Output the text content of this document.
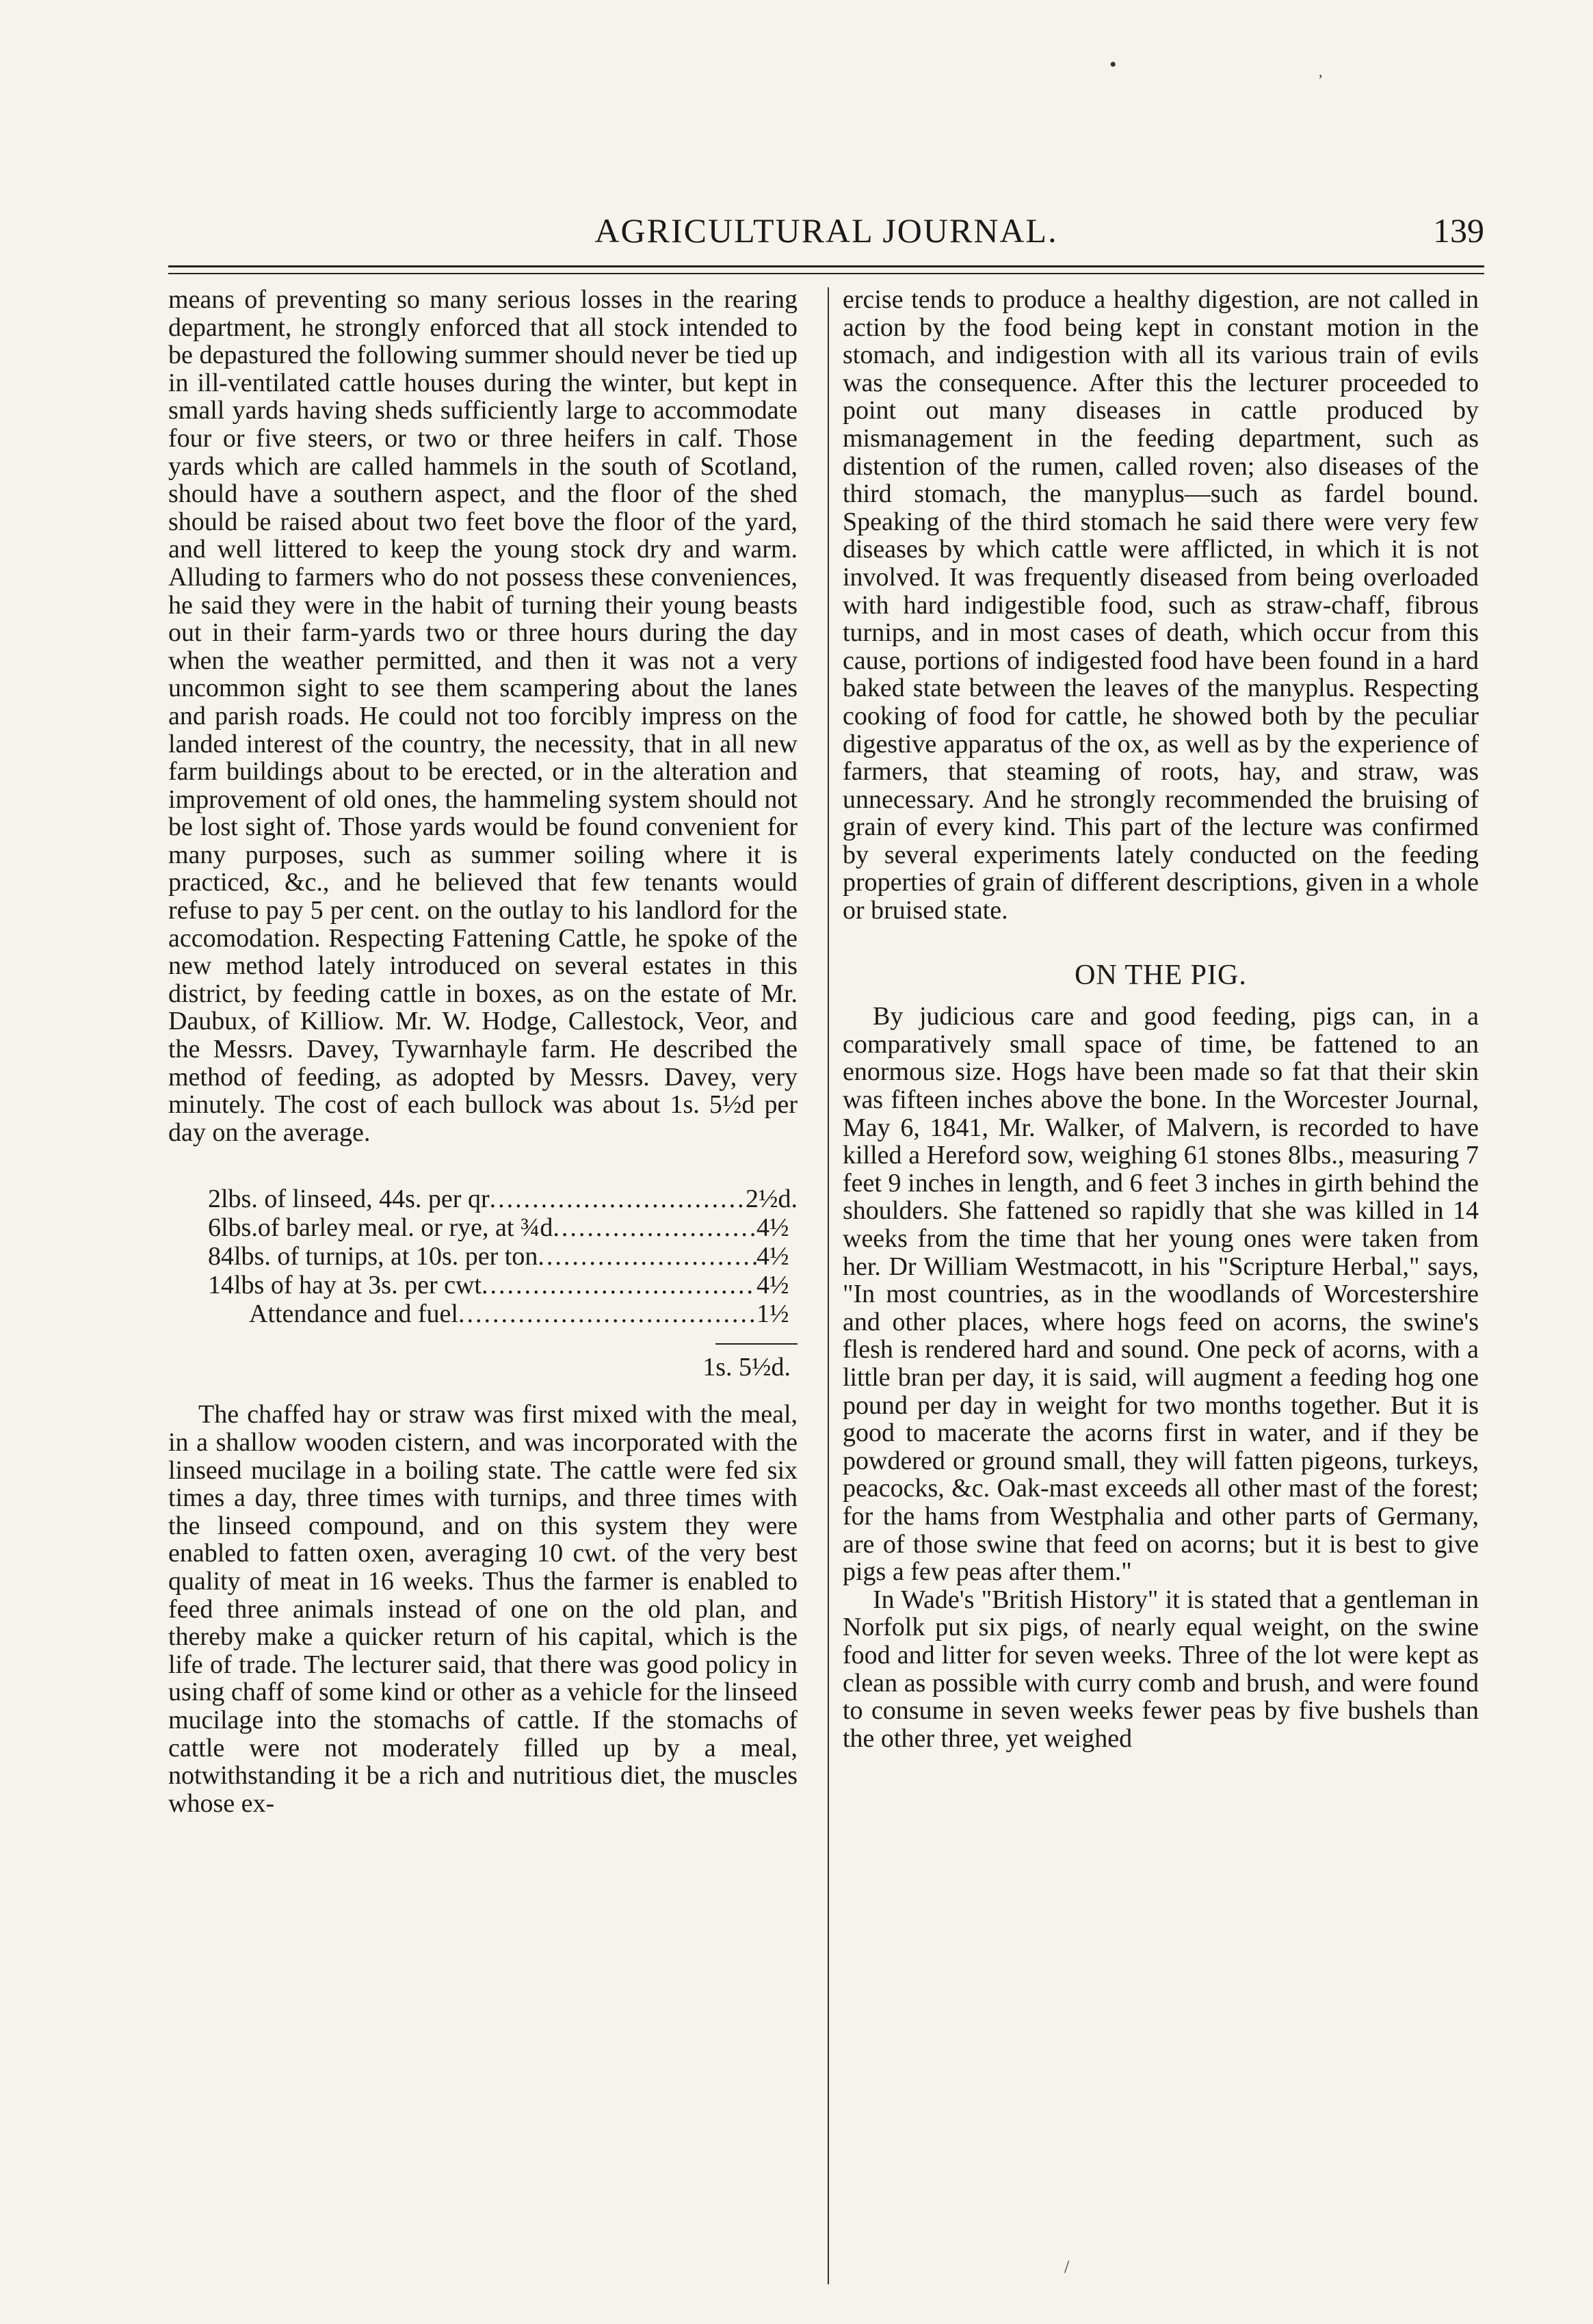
•	,
AGRICULTURAL JOURNAL.	139

means of preventing so many serious losses in the rearing department, he strongly enforced that all stock intended to be depastured the following summer should never be tied up in ill-ventilated cattle houses during the winter, but kept in small yards having sheds sufficiently large to accommodate four or five steers, or two or three heifers in calf. Those yards which are called hammels in the south of Scotland, should have a southern aspect, and the floor of the shed should be raised about two feet bove the floor of the yard, and well littered to keep the young stock dry and warm. Alluding to farmers who do not possess these conveniences, he said they were in the habit of turning their young beasts out in their farm-yards two or three hours during the day when the weather permitted, and then it was not a very uncommon sight to see them scampering about the lanes and parish roads. He could not too forcibly impress on the landed interest of the country, the necessity, that in all new farm buildings about to be erected, or in the alteration and improvement of old ones, the hammeling system should not be lost sight of. Those yards would be found convenient for many purposes, such as summer soiling where it is practiced, &c., and he believed that few tenants would refuse to pay 5 per cent. on the outlay to his landlord for the accomodation. Respecting Fattening Cattle, he spoke of the new method lately introduced on several estates in this district, by feeding cattle in boxes, as on the estate of Mr. Daubux, of Killiow. Mr. W. Hodge, Callestock, Veor, and the Messrs. Davey, Tywarnhayle farm. He described the method of feeding, as adopted by Messrs. Davey, very minutely. The cost of each bullock was about 1s. 5½d per day on the average.

2lbs. of linseed, 44s. per qr .....	2½d.
6lbs.of barley meal. or rye, at ¾d .....	4½
84lbs. of turnips, at 10s. per ton .....	4½
14lbs of hay at 3s. per cwt .....	4½
Attendance and fuel .....	1½
1s. 5½d.

The chaffed hay or straw was first mixed with the meal, in a shallow wooden cistern, and was incorporated with the linseed mucilage in a boiling state. The cattle were fed six times a day, three times with turnips, and three times with the linseed compound, and on this system they were enabled to fatten oxen, averaging 10 cwt. of the very best quality of meat in 16 weeks. Thus the farmer is enabled to feed three animals instead of one on the old plan, and thereby make a quicker return of his capital, which is the life of trade. The lecturer said, that there was good policy in using chaff of some kind or other as a vehicle for the linseed mucilage into the stomachs of cattle. If the stomachs of cattle were not moderately filled up by a meal, notwithstanding it be a rich and nutritious diet, the muscles whose ex-

ercise tends to produce a healthy digestion, are not called in action by the food being kept in constant motion in the stomach, and indigestion with all its various train of evils was the consequence. After this the lecturer proceeded to point out many diseases in cattle produced by mismanagement in the feeding department, such as distention of the rumen, called roven; also diseases of the third stomach, the manyplus—such as fardel bound. Speaking of the third stomach he said there were very few diseases by which cattle were afflicted, in which it is not involved. It was frequently diseased from being overloaded with hard indigestible food, such as straw-chaff, fibrous turnips, and in most cases of death, which occur from this cause, portions of indigested food have been found in a hard baked state between the leaves of the manyplus. Respecting cooking of food for cattle, he showed both by the peculiar digestive apparatus of the ox, as well as by the experience of farmers, that steaming of roots, hay, and straw, was unnecessary. And he strongly recommended the bruising of grain of every kind. This part of the lecture was confirmed by several experiments lately conducted on the feeding properties of grain of different descriptions, given in a whole or bruised state.

ON THE PIG.

By judicious care and good feeding, pigs can, in a comparatively small space of time, be fattened to an enormous size. Hogs have been made so fat that their skin was fifteen inches above the bone. In the Worcester Journal, May 6, 1841, Mr. Walker, of Malvern, is recorded to have killed a Hereford sow, weighing 61 stones 8lbs., measuring 7 feet 9 inches in length, and 6 feet 3 inches in girth behind the shoulders. She fattened so rapidly that she was killed in 14 weeks from the time that her young ones were taken from her. Dr William Westmacott, in his "Scripture Herbal," says, "In most countries, as in the woodlands of Worcestershire and other places, where hogs feed on acorns, the swine's flesh is rendered hard and sound. One peck of acorns, with a little bran per day, it is said, will augment a feeding hog one pound per day in weight for two months together. But it is good to macerate the acorns first in water, and if they be powdered or ground small, they will fatten pigeons, turkeys, peacocks, &c. Oak-mast exceeds all other mast of the forest; for the hams from Westphalia and other parts of Germany, are of those swine that feed on acorns; but it is best to give pigs a few peas after them."

In Wade's "British History" it is stated that a gentleman in Norfolk put six pigs, of nearly equal weight, on the swine food and litter for seven weeks. Three of the lot were kept as clean as possible with curry comb and brush, and were found to consume in seven weeks fewer peas by five bushels than the other three, yet weighed

/
